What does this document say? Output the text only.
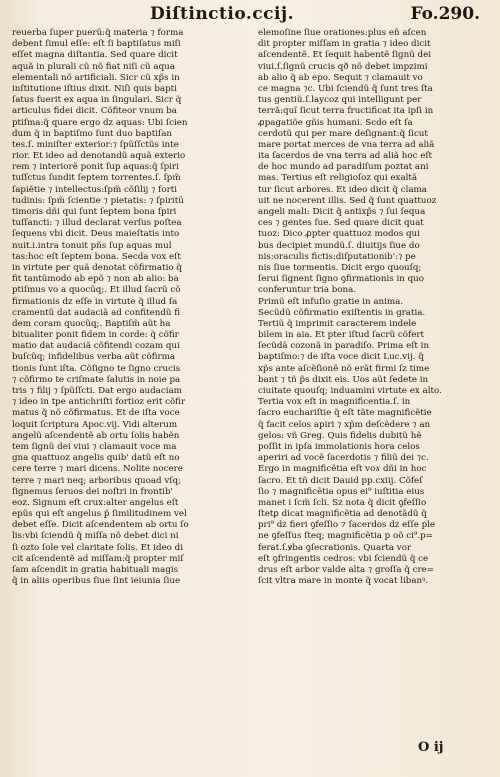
Diſtinctio.ccij.	Fo.290.
reuerba ſuper puerũ:q̃ materia ⁊ forma
debent ſimul eſſe: eſt ſi baptiſatus miſi
eſſet magna diſtantia. Sed quare dicit
aquã in plurali cũ nõ fiat niſi cũ aqua
elementali nõ artificiali. Sicr cũ xp̃s in
inſtitutione iſtius dixit. Niſi quis bapti
ſatus fuerit ex aqua in ſingulari. Sicr q̃
articulus fidei dicit. Cõfiteor vnum ba
ptiſma:q̃ quare ergo dz aquas: Ubi ſcien
dum q̃ in baptiſmo ſunt duo baptiſan
tes.ſ. miniſter exterior:⁊ ſpũſſctũs inte
rior. Et ideo ad denotandũ aquã exterio
rem ⁊ interiorẽ ponit ſup aquas:q̃ ſpiri
tuſſctus ſundit ſeptem torrentes.ſ. ſpm̃
ſapiẽtie ⁊ intellectus:ſpm̃ cõſilij ⁊ forti
tudinis: ſpm̃ ſcientie ⁊ pietatis: ⁊ ſpiritũ
timoris dñi qui ſunt ſeptem bona ſpiri
tuſſancti: ⁊ illud declarat verſus poſtea
ſequens vbi dicit. Deus maieſtatis into
nuit.i.intra tonuit pñs ſup aquas mul
tas:hoc eſt ſeptem bona. Secda vox eſt
in virtute per quã denotat cõfirmatio q̃
fit tantũmodo ab epõ ⁊ non ab alio: ba
ptiſmus vo a quocũq;. Et illud ſacrũ cõ
firmationis dz eſſe in virtute q̃ illud ſa
cramentũ dat audaciã ad confitendũ fi
dem coram quocũq;. Baptiſm̃ aũt ha
bitualiter ponit fidem in corde: q̃ cõfir
matio dat audaciã cõfitendi cozam qui
buſcũq; infidelibus verba aũt cõfirma
tionis ſunt iſta. Cõſigno te ſigno crucis
⁊ cõfirmo te criſmate ſalutis in noie pa
tris ⁊ filij ⁊ ſpũſſcti. Dat ergo audaciam
⁊ ideo in tpe antichriſti fortioz erit cõfir
matus q̃ nõ cõfirmatus. Et de iſta voce
loquit̃ ſcriptura Apoc.vij. Vidi alterum
angelũ aſcendentẽ ab ortu ſolis habẽn
tem ſignũ dei viui ⁊ clamauit voce ma
gna quattuoz angelis quib' datũ eſt no
cere terre ⁊ mari dicens. Nolite nocere
terre ⁊ mari neq; arboribus quoad vſq;
ſignemus ſeruos dei noſtri in frontib'
eoz. Signum eſt crux:alter angelus eſt
epũs qui eſt angelus p̃ ſimilitudinem vel
debet eſſe. Dicit aſcendentem ab ortu ſo
lis:vbi ſciendũ q̃ miſſa nõ debet dici ni
ſi ozto ſole vel claritate ſolis. Et ideo di
cit aſcendentẽ ad miſſam:q̃ propter miſ
ſam aſcendit in gratia habituali magis
q̃ in aliis operibus ſiue ſint ieiunia ſiue
elemoſine ſiue orationes:plus eñ aſcen
dit propter miſſam in gratia ⁊ ideo dicit
aſcendentẽ. Et ſequit̃ habentẽ ſignũ dei
viui.ſ.ſignũ crucis qð nõ debet impzimi
ab alio q̃ ab epo. Sequit̃ ⁊ clamauit vo
ce magna ⁊c. Ubi ſciendũ q̃ ſunt tres ſta
tus gentiũ.ſ.laycoz qui intelligunt per
terrã:quĩ ſicut terra fructificat ita ipſi in
ꝓpagatiõe gñis humani. Scdo eſt ſa
cerdotũ qui per mare deſignant:q̃ ſicut
mare portat merces de vna terra ad aliã
ita ſacerdos de vna terra ad aliã hoc eſt
de hoc mundo ad paradiſum poztat ani
mas. Tertius eſt religioſoz qui exaltã
tur ſicut arbores. Et ideo dicit q̃ clama
uit ne nocerent illis. Sed q̃ ſunt quattuoz
angeli mali: Dicit q̃ antixp̃s ⁊ ſui ſequa
ces ⁊ gentes ſue. Sed quare dicit quat
tuoz: Dico ꝓpter quattuoz modos qui
bus decipiet mundũ.ſ. diuitijs ſiue do
nis:oraculis fictis:diſputationib':⁊ pe
nis ſiue tormentis. Dicit ergo quouſq;
ſerui ſignent ſigno ꝯfirmationis in quo
conferuntur tria bona.
Primũ eſt infuſio gratie in anima.
Secũdũ cõfirmatio exiſtentis in gratia.
Tertiũ q̃ imprimit caracterem indele
bilem in aia. Et pter iſtud ſacrũ cõfert
ſecũdã cozonã in paradiſo. Prima eſt in
baptiſmo:⁊ de iſta voce dicit Luc.vij. q̃
xp̃s ante aſcẽſionẽ nõ erãt firmi ſz time
bant ⁊ tñ p̃s dixit eis. Uos aũt ſedete in
ciuitate quouſq; induamini virtute ex alto.
Tertia vox eſt in magnificentia.ſ. in
ſacro euchariſtie q̃ eſt tãte magnificẽtie
q̃ facit celos apiri ⁊ xp̃m deſcẽdere ⁊ an
gelos: vñ Greg. Quis fidelis dubitũ hẽ
poſſit in ipſa immolationis hora celos
aperiri ad vocẽ ſacerdotis ⁊ filiũ dei ⁊c.
Ergo in magnificẽtia eſt voɤ dñi in hoc
ſacro. Et tñ dicit Dauid pp.cxiij. Cõfeſ
ſio ⁊ magnificẽtia opus ei⁹ iuſtitia eius
manet i ſcm̃ ſcli. Sz nota q̃ dicit ꝯfeſſio
ſtetꝑ dicat magnificẽtia ad denotãdũ q̃
pri⁹ dz fieri ꝯfeſſio ⁊ ſacerdos dz eſſe ple
ne ꝯfeſſus ſteq; magnificẽtia p oõ ci⁹.p=
ferat.ſ.ꝟba ꝯſecrationis. Quarta vor
eſt ꝯfringentis cedros: vbi ſciendũ q̃ ce
drus eſt arbor valde alta ⁊ groſſa q̃ cre=
ſcit vltra mare in monte q̃ vocat̃ libanꝰ.
O ij
